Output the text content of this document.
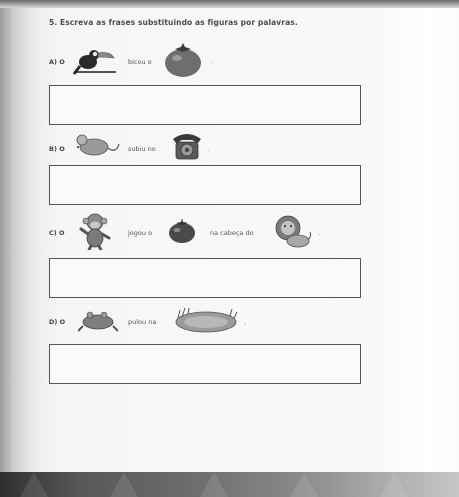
5. Escreva as frases substituindo as figuras por palavras.
A) O	bicou o	.
B) O	subiu no	.
C) O	jogou o	na cabeça do	.
D) O	pulou na	.
